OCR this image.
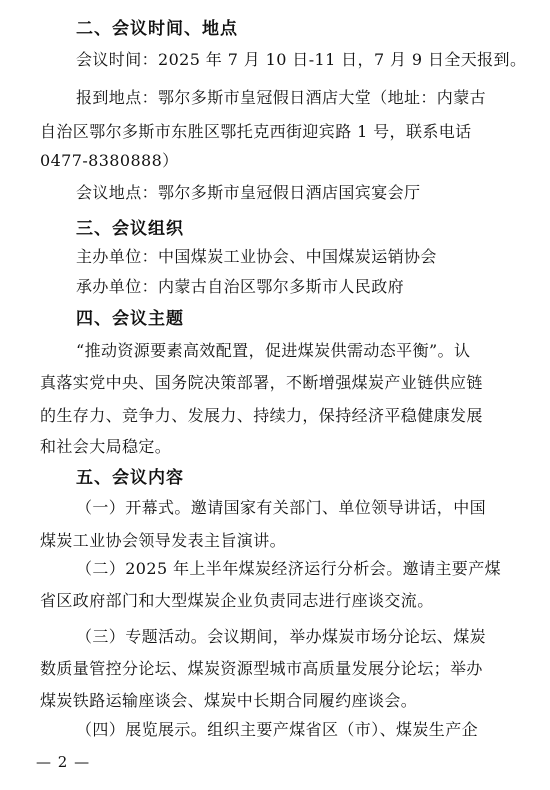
二、会议时间、地点
会议时间：2025 年 7 月 10 日-11 日，7 月 9 日全天报到。
报到地点：鄂尔多斯市皇冠假日酒店大堂（地址：内蒙古
自治区鄂尔多斯市东胜区鄂托克西街迎宾路 1 号，联系电话
0477-8380888）
会议地点：鄂尔多斯市皇冠假日酒店国宾宴会厅
三、会议组织
主办单位：中国煤炭工业协会、中国煤炭运销协会
承办单位：内蒙古自治区鄂尔多斯市人民政府
四、会议主题
“推动资源要素高效配置，促进煤炭供需动态平衡”。认
真落实党中央、国务院决策部署，不断增强煤炭产业链供应链
的生存力、竞争力、发展力、持续力，保持经济平稳健康发展
和社会大局稳定。
五、会议内容
（一）开幕式。邀请国家有关部门、单位领导讲话，中国
煤炭工业协会领导发表主旨演讲。
（二）2025 年上半年煤炭经济运行分析会。邀请主要产煤
省区政府部门和大型煤炭企业负责同志进行座谈交流。
（三）专题活动。会议期间，举办煤炭市场分论坛、煤炭
数质量管控分论坛、煤炭资源型城市高质量发展分论坛；举办
煤炭铁路运输座谈会、煤炭中长期合同履约座谈会。
（四）展览展示。组织主要产煤省区（市）、煤炭生产企
— 2 —
